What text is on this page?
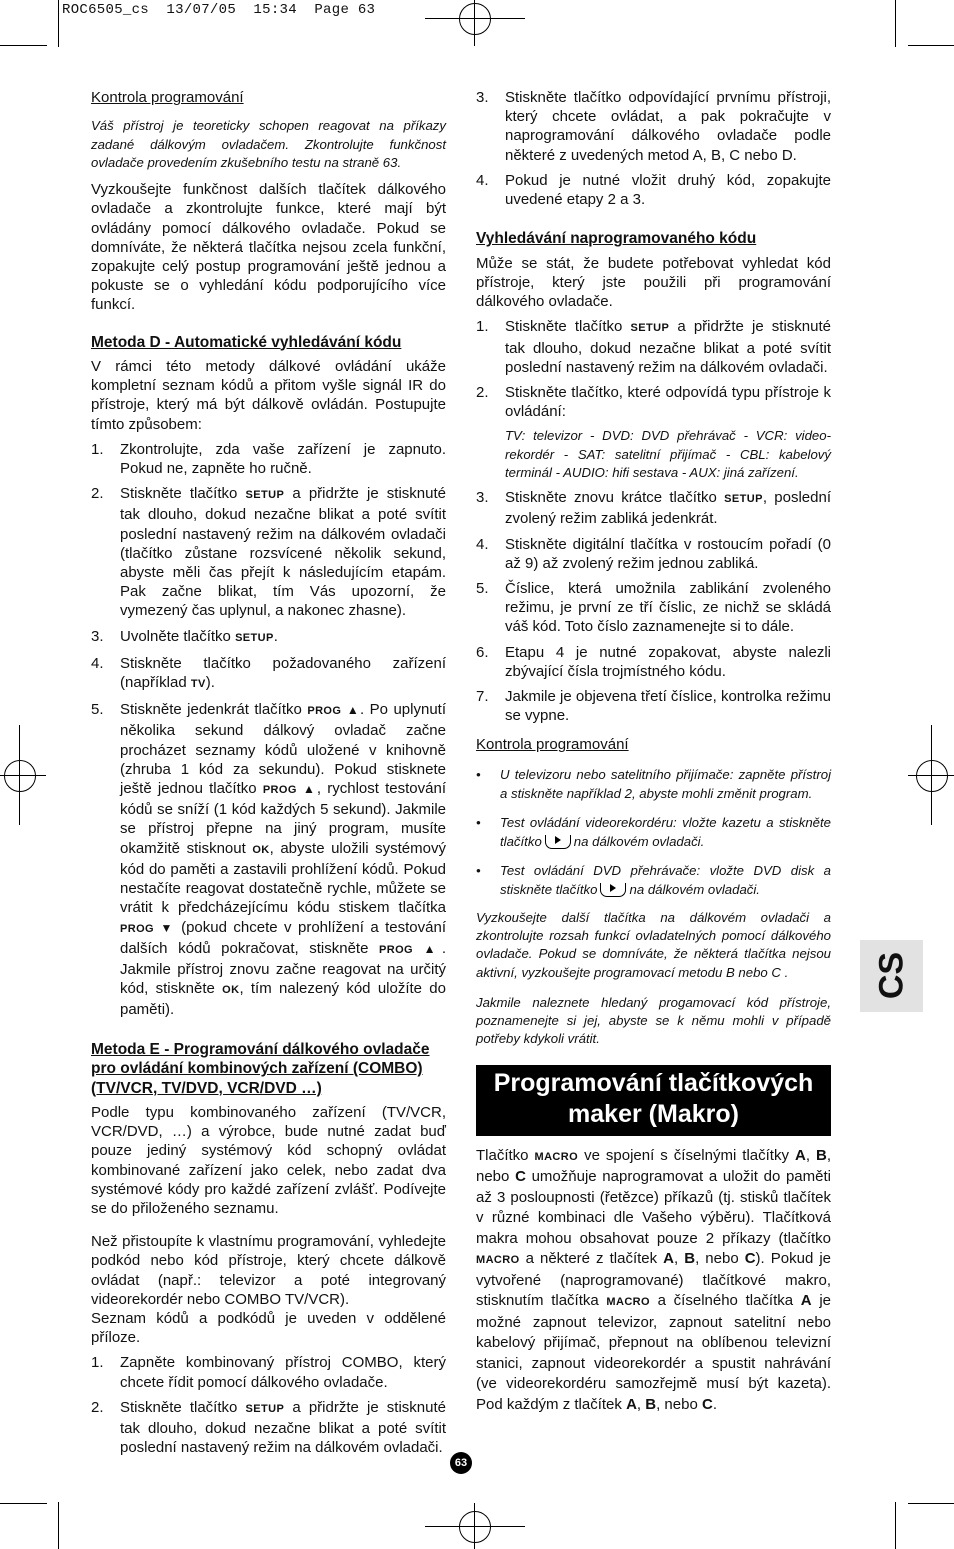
ROC6505_cs  13/07/05  15:34  Page 63

Kontrola programování

Váš přístroj je teoreticky schopen reagovat na příkazy zadané dálkovým ovladačem. Zkontrolujte funkčnost ovladače provedením zkušebního testu na straně 63.

Vyzkoušejte funkčnost dalších tlačítek dálkového ovladače a zkontrolujte funkce, které mají být ovládány pomocí dálkového ovladače. Pokud se domníváte, že některá tlačítka nejsou zcela funkční, zopakujte celý postup programování ještě jednou a pokuste se o vyhledání kódu podporujícího více funkcí.

Metoda D - Automatické vyhledávání kódu

V rámci této metody dálkové ovládání ukáže kompletní seznam kódů a přitom vyšle signál IR do přístroje, který má být dálkově ovládán. Postupujte tímto způsobem:

1.	Zkontrolujte, zda vaše zařízení je zapnuto. Pokud ne, zapněte ho ručně.
2.	Stiskněte tlačítko SETUP a přidržte je stisknuté tak dlouho, dokud nezačne blikat a poté svítit poslední nastavený režim na dálkovém ovladači (tlačítko zůstane rozsvícené několik sekund, abyste měli čas přejít k následujícím etapám. Pak začne blikat, tím Vás upozorní, že vymezený čas uplynul, a nakonec zhasne).
3.	Uvolněte tlačítko SETUP.
4.	Stiskněte tlačítko požadovaného zařízení (například TV).
5.	Stiskněte jedenkrát tlačítko PROG ▲. Po uplynutí několika sekund dálkový ovladač začne procházet seznamy kódů uložené v knihovně (zhruba 1 kód za sekundu). Pokud stisknete ještě jednou tlačítko PROG ▲, rychlost testování kódů se sníží (1 kód každých 5 sekund). Jakmile se přístroj přepne na jiný program, musíte okamžitě stisknout OK, abyste uložili systémový kód do paměti a zastavili prohlížení kódů. Pokud nestačíte reagovat dostatečně rychle, můžete se vrátit k předcházejícímu kódu stiskem tlačítka PROG ▼ (pokud chcete v prohlížení a testování dalších kódů pokračovat, stiskněte PROG ▲. Jakmile přístroj znovu začne reagovat na určitý kód, stiskněte OK, tím nalezený kód uložíte do paměti).
Metoda E - Programování dálkového ovladače pro ovládání kombinových zařízení (COMBO) (TV/VCR, TV/DVD, VCR/DVD …)

Podle typu kombinovaného zařízení (TV/VCR, VCR/DVD, …) a výrobce, bude nutné zadat buď pouze jediný systémový kód schopný ovládat kombinované zařízení jako celek, nebo zadat dva systémové kódy pro každé zařízení zvlášť. Podívejte se do přiloženého seznamu.

Než přistoupíte k vlastnímu programování, vyhledejte podkód nebo kód přístroje, který chcete dálkově ovládat (např.: televizor a poté integrovaný videorekordér nebo COMBO TV/VCR).

Seznam kódů a podkódů je uveden v oddělené příloze.

1.	Zapněte kombinovaný přístroj COMBO, který chcete řídit pomocí dálkového ovladače.
2.	Stiskněte tlačítko SETUP a přidržte je stisknuté tak dlouho, dokud nezačne blikat a poté svítit poslední nastavený režim na dálkovém ovladači.
3.	Stiskněte tlačítko odpovídající prvnímu přístroji, který chcete ovládat, a pak pokračujte v naprogramování dálkového ovladače podle některé z uvedených metod A, B, C nebo D.
4.	Pokud je nutné vložit druhý kód, zopakujte uvedené etapy 2 a 3.
Vyhledávání naprogramovaného kódu

Může se stát, že budete potřebovat vyhledat kód přístroje, který jste použili při programování dálkového ovladače.

1.	Stiskněte tlačítko SETUP a přidržte je stisknuté tak dlouho, dokud nezačne blikat a poté svítit poslední nastavený režim na dálkovém ovladači.
2.	Stiskněte tlačítko, které odpovídá typu přístroje k ovládání:
TV: televizor - DVD: DVD přehrávač - VCR: video-rekordér - SAT: satelitní přijímač - CBL: kabelový terminál - AUDIO: hifi sestava - AUX: jiná zařízení.
3.	Stiskněte znovu krátce tlačítko SETUP, poslední zvolený režim zabliká jedenkrát.
4.	Stiskněte digitální tlačítka v rostoucím pořadí (0 až 9) až zvolený režim jednou zabliká.
5.	Číslice, která umožnila zablikání zvoleného režimu, je první ze tří číslic, ze nichž se skládá váš kód. Toto číslo zaznamenejte si to dále.
6.	Etapu 4 je nutné zopakovat, abyste nalezli zbývající čísla trojmístného kódu.
7.	Jakmile je objevena třetí číslice, kontrolka režimu se vypne.

Kontrola programování

•	U televizoru nebo satelitního přijímače: zapněte přístroj a stiskněte například 2, abyste mohli změnit program.
•	Test ovládání videorekordéru: vložte kazetu a stiskněte tlačítko na dálkovém ovladači.
•	Test ovládání DVD přehrávače: vložte DVD disk a stiskněte tlačítko na dálkovém ovladači.

Vyzkoušejte další tlačítka na dálkovém ovladači a zkontrolujte rozsah funkcí ovladatelných pomocí dálkového ovladače. Pokud se domníváte, že některá tlačítka nejsou aktivní, vyzkoušejte programovací metodu B nebo C .

Jakmile naleznete hledaný progamovací kód přístroje, poznamenejte si jej, abyste se k němu mohli v případě potřeby kdykoli vrátit.

Programování tlačítkových maker (Makro)

Tlačítko MACRO ve spojení s číselnými tlačítky A, B, nebo C umožňuje naprogramovat a uložit do paměti až 3 posloupnosti (řetězce) příkazů (tj. stisků tlačítek v různé kombinaci dle Vašeho výběru). Tlačítková makra mohou obsahovat pouze 2 příkazy (tlačítko MACRO a některé z tlačítek A, B, nebo C). Pokud je vytvořené (naprogramované) tlačítkové makro, stisknutím tlačítka MACRO a číselného tlačítka A je možné zapnout televizor, zapnout satelitní nebo kabelový přijímač, přepnout na oblíbenou televizní stanici, zapnout videorekordér a spustit nahrávání (ve videorekordéru samozřejmě musí být kazeta). Pod každým z tlačítek A, B, nebo C.

CS
63
